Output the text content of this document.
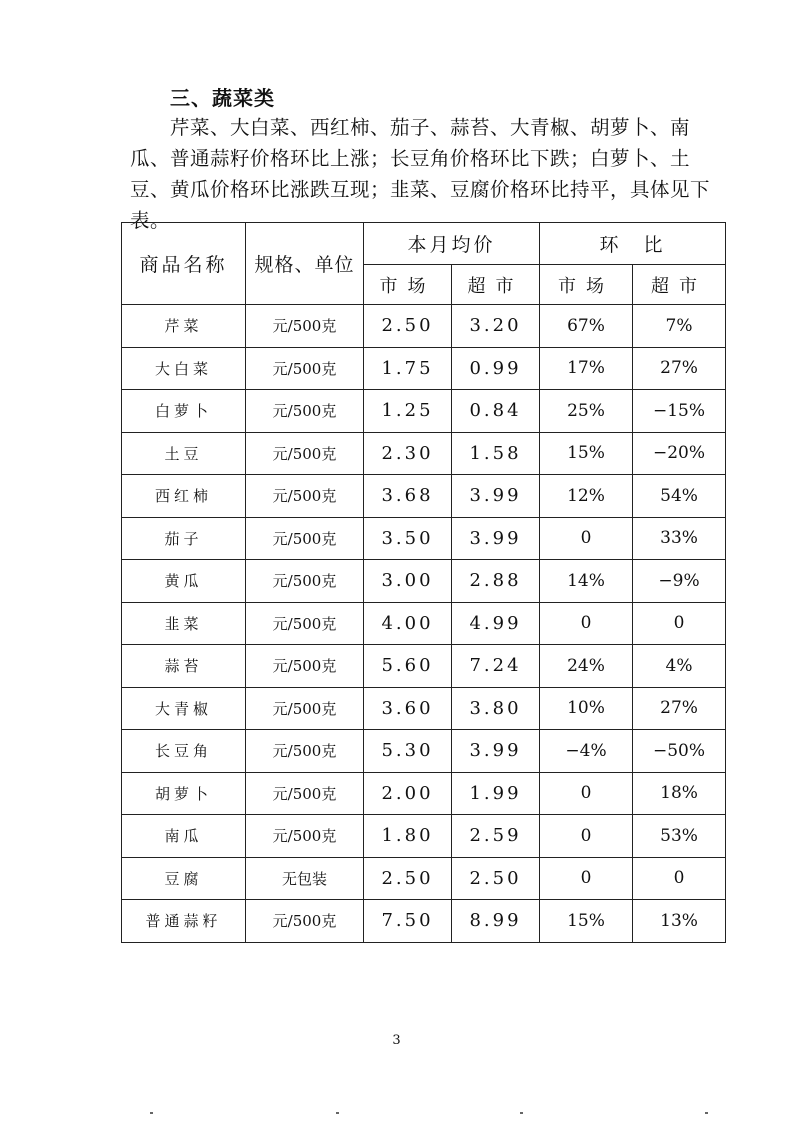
三、蔬菜类
芹菜、大白菜、西红柿、茄子、蒜苔、大青椒、胡萝卜、南瓜、普通蒜籽价格环比上涨；长豆角价格环比下跌；白萝卜、土豆、黄瓜价格环比涨跌互现；韭菜、豆腐价格环比持平，具体见下表。
商品名称	规格、单位	本月均价		环　比	
		市场	超市	市场	超市
芹菜	元/500克	2.50	3.20	67%	7%
大白菜	元/500克	1.75	0.99	17%	27%
白萝卜	元/500克	1.25	0.84	25%	−15%
土豆	元/500克	2.30	1.58	15%	−20%
西红柿	元/500克	3.68	3.99	12%	54%
茄子	元/500克	3.50	3.99	0	33%
黄瓜	元/500克	3.00	2.88	14%	−9%
韭菜	元/500克	4.00	4.99	0	0
蒜苔	元/500克	5.60	7.24	24%	4%
大青椒	元/500克	3.60	3.80	10%	27%
长豆角	元/500克	5.30	3.99	−4%	−50%
胡萝卜	元/500克	2.00	1.99	0	18%
南瓜	元/500克	1.80	2.59	0	53%
豆腐	无包装	2.50	2.50	0	0
普通蒜籽	元/500克	7.50	8.99	15%	13%
3
